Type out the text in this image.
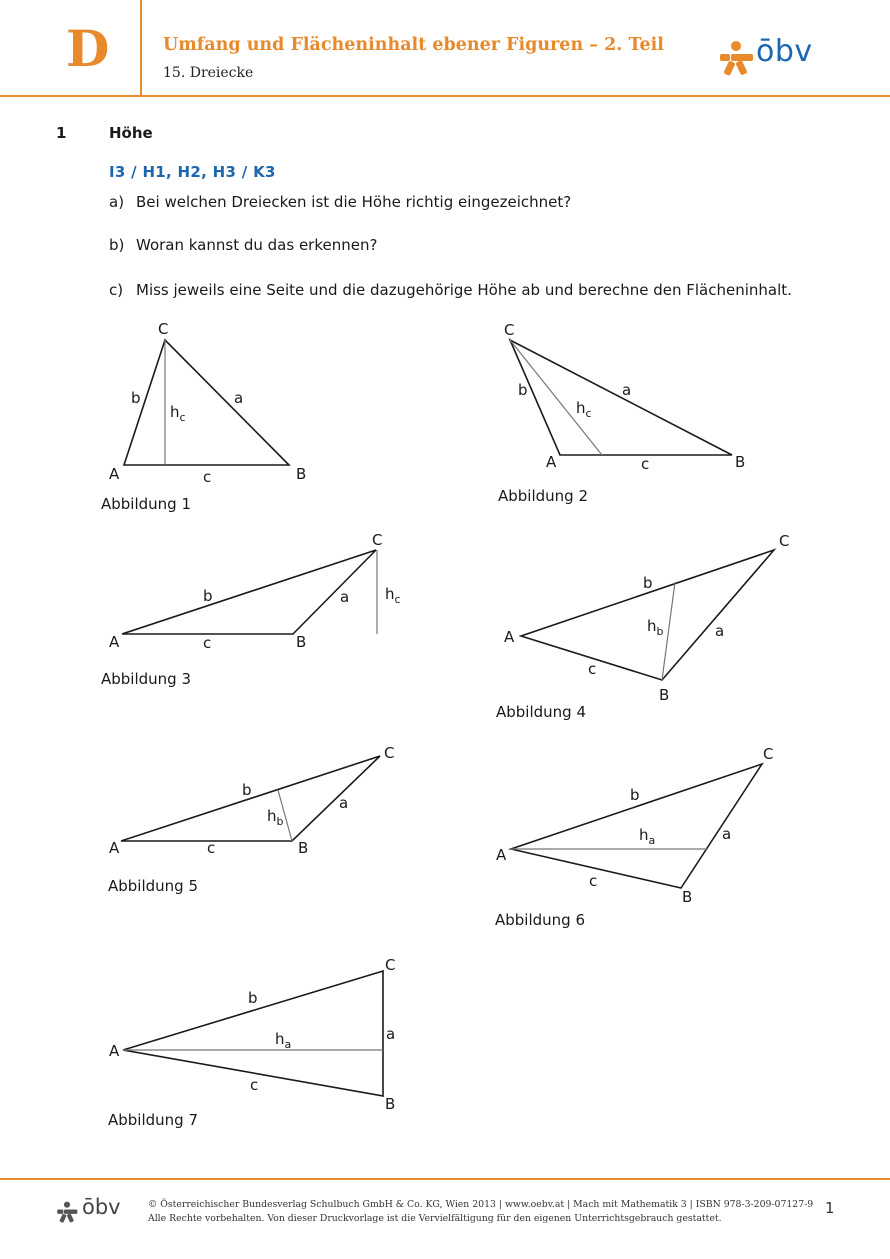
D	Umfang und Flächeninhalt ebener Figuren – 2. Teil
15. Dreiecke
ōbv
1	Höhe
I3 / H1, H2, H3 / K3
a) Bei welchen Dreiecken ist die Höhe richtig eingezeichnet?
b) Woran kannst du das erkennen?
c) Miss jeweils eine Seite und die dazugehörige Höhe ab und berechne den Flächeninhalt.
A	B
C
a
b
c
$h_c$
A	B
C
a
b
c
$h_c$
A	B
C
a
b
c
$h_c$
A
B
C
a
b
c
$h_b$
A	B
C
a
b
c
$h_b$
A
B
C
a
b
c
$h_a$
A
B
C
a
b
c
$h_a$
Abbildung 1	Abbildung 2
Abbildung 3
Abbildung 4
Abbildung 5
Abbildung 6
Abbildung 7
ōbv	© Österreichischer Bundesverlag Schulbuch GmbH & Co. KG, Wien 2013 | www.oebv.at | Mach mit Mathematik 3 | ISBN 978-3-209-07127-9
Alle Rechte vorbehalten. Von dieser Druckvorlage ist die Vervielfältigung für den eigenen Unterrichtsgebrauch gestattet.
1
